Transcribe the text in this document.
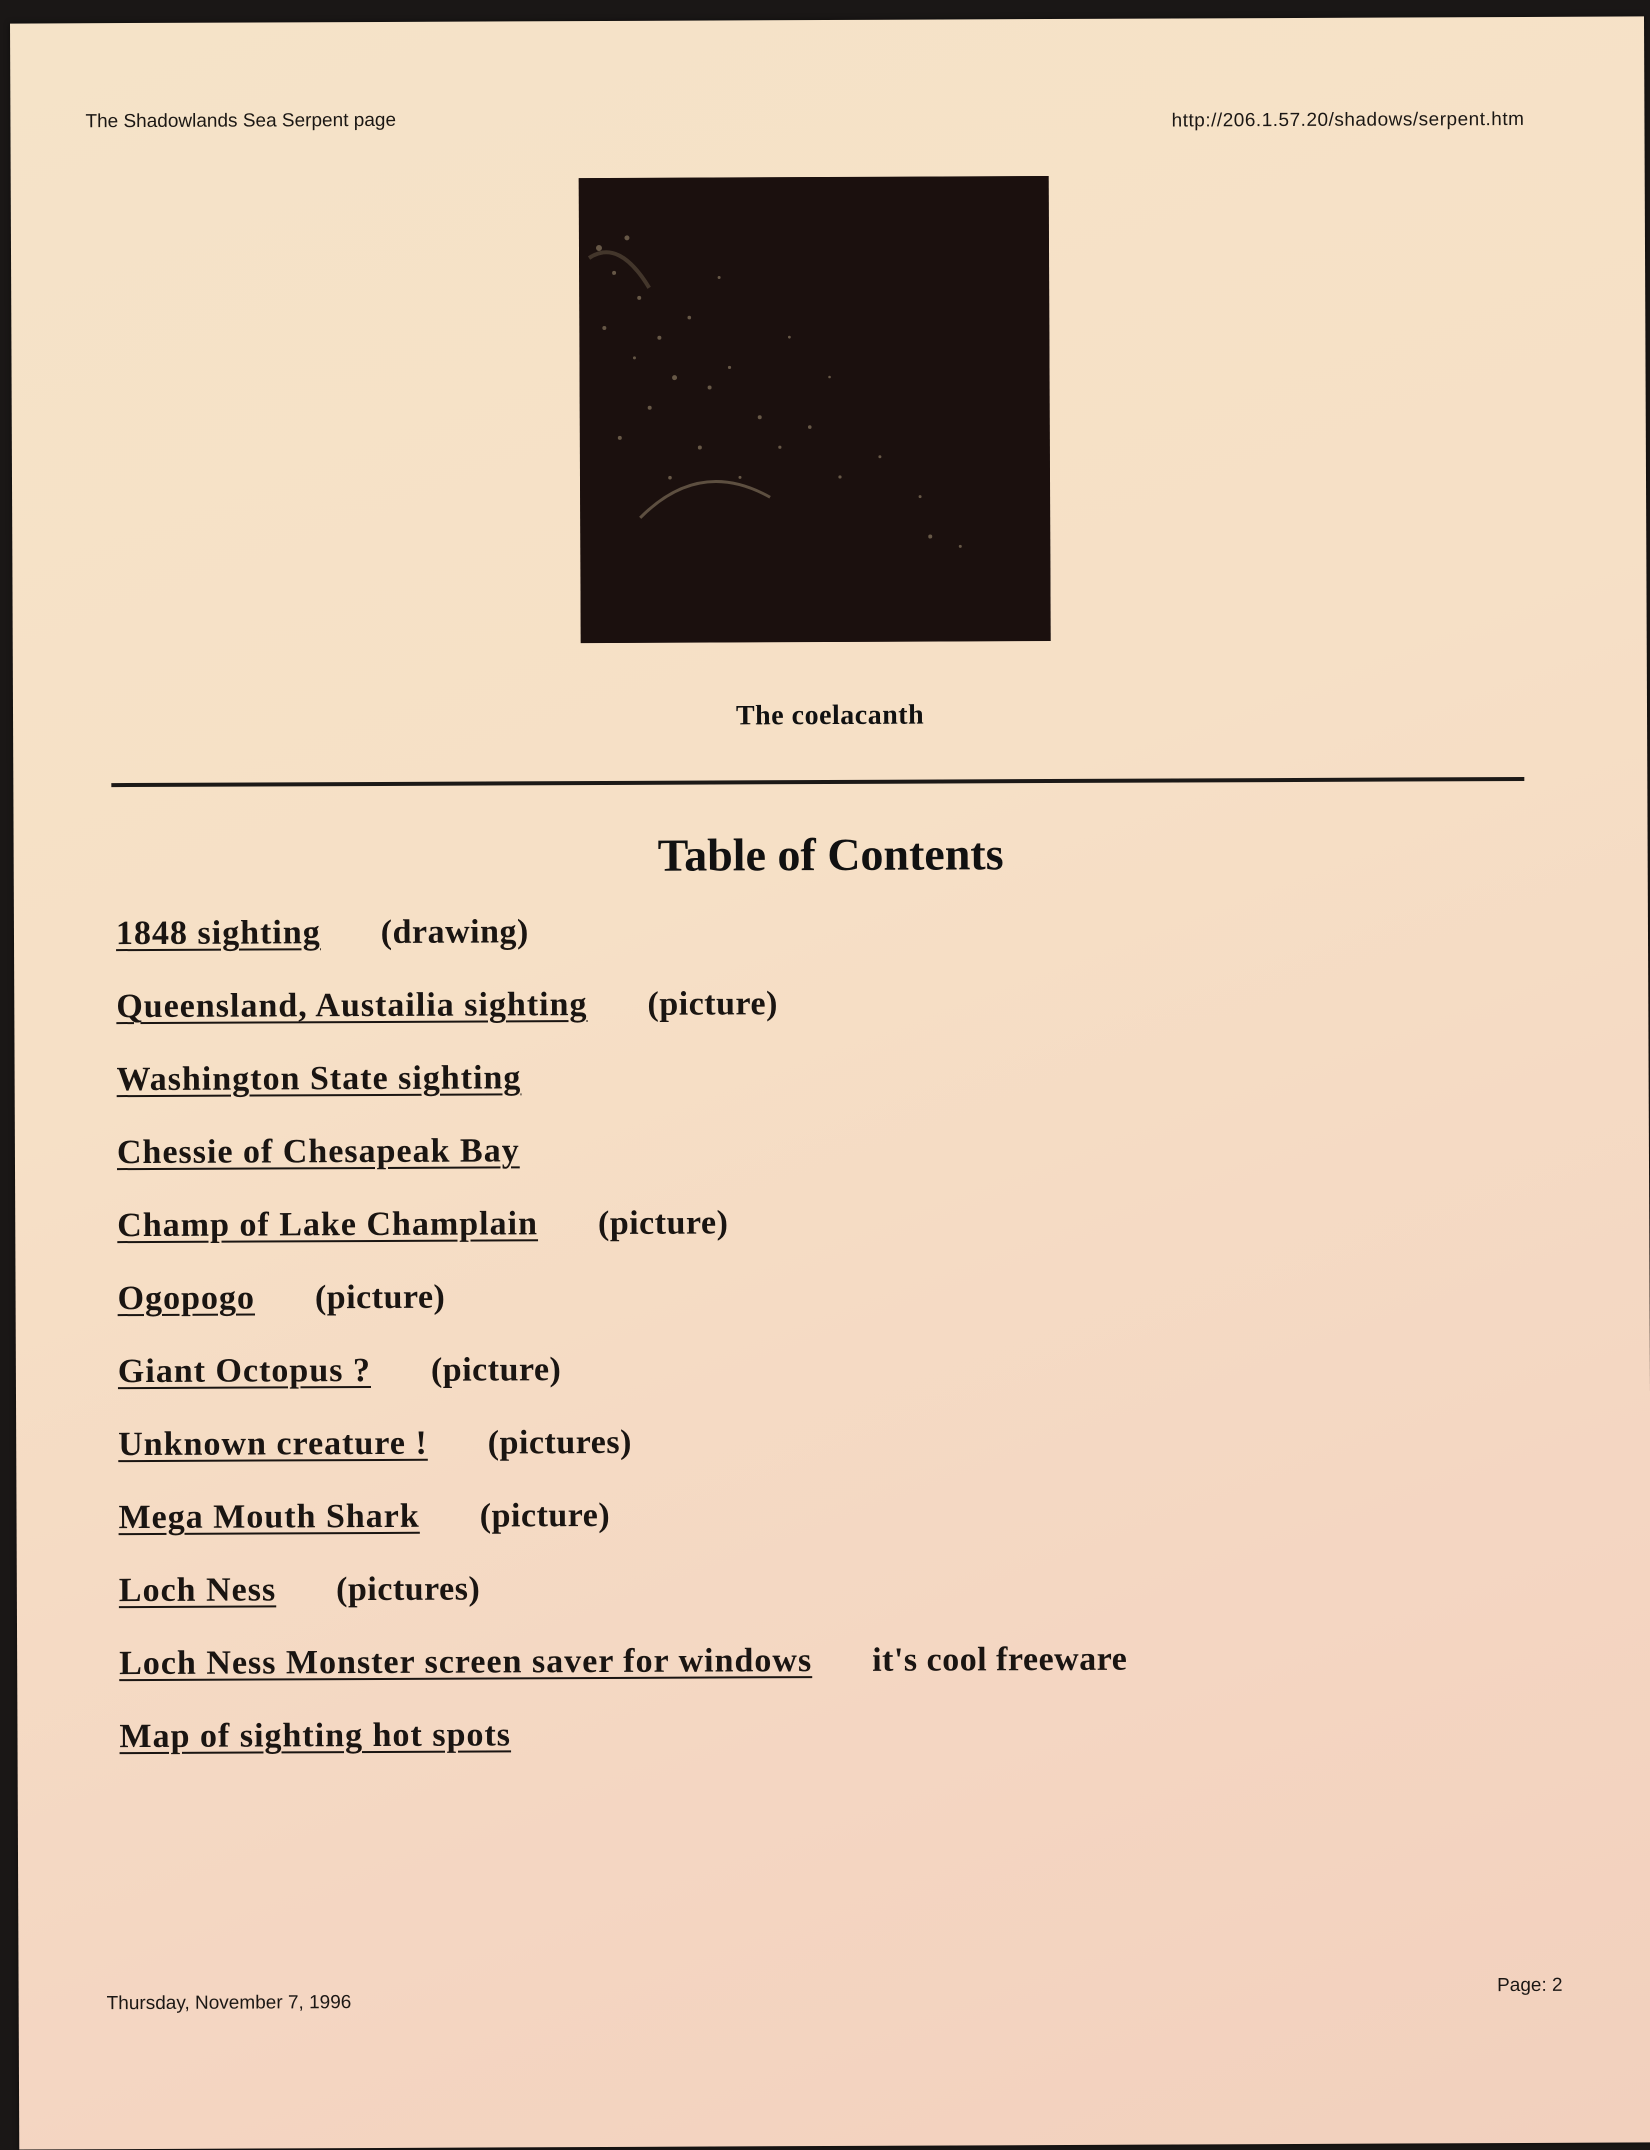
The Shadowlands Sea Serpent page	http://206.1.57.20/shadows/serpent.htm
The coelacanth
Table of Contents
1848 sighting (drawing)
Queensland, Austailia sighting (picture)
Washington State sighting
Chessie of Chesapeak Bay
Champ of Lake Champlain (picture)
Ogopogo (picture)
Giant Octopus ? (picture)
Unknown creature ! (pictures)
Mega Mouth Shark (picture)
Loch Ness (pictures)
Loch Ness Monster screen saver for windows it's cool freeware
Map of sighting hot spots
Thursday, November 7, 1996
Page: 2
